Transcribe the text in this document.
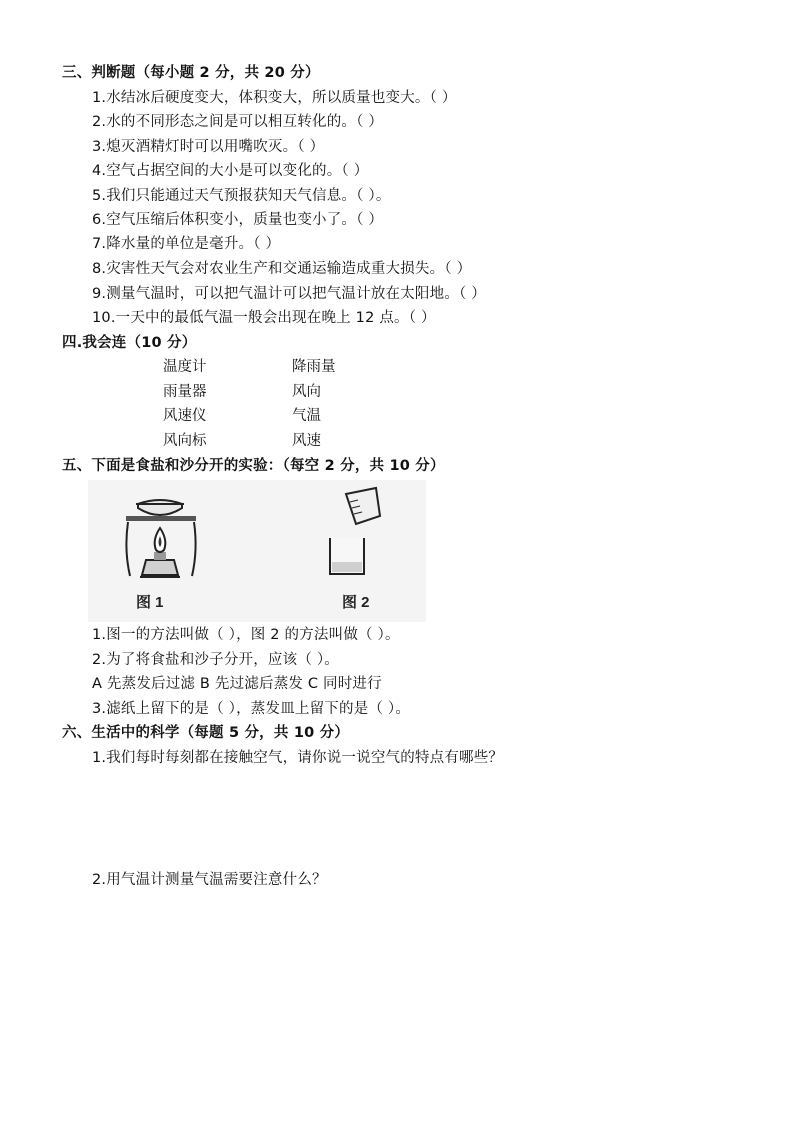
三、判断题（每小题 2 分，共 20 分）
1.水结冰后硬度变大，体积变大，所以质量也变大。（ ）
2.水的不同形态之间是可以相互转化的。（ ）
3.熄灭酒精灯时可以用嘴吹灭。（ ）
4.空气占据空间的大小是可以变化的。（ ）
5.我们只能通过天气预报获知天气信息。（ ）。
6.空气压缩后体积变小，质量也变小了。（ ）
7.降水量的单位是毫升。（ ）
8.灾害性天气会对农业生产和交通运输造成重大损失。（ ）
9.测量气温时，可以把气温计可以把气温计放在太阳地。（ ）
10.一天中的最低气温一般会出现在晚上 12 点。（ ）
四.我会连（10 分）
温度计	降雨量
雨量器	风向
风速仪	气温
风向标	风速
五、下面是食盐和沙分开的实验：（每空 2 分，共 10 分）
图 1	图 2
1.图一的方法叫做（ ），图 2 的方法叫做（ ）。
2.为了将食盐和沙子分开，应该（ ）。
A 先蒸发后过滤 B 先过滤后蒸发 C 同时进行
3.滤纸上留下的是（ ），蒸发皿上留下的是（ ）。
六、生活中的科学（每题 5 分，共 10 分）
1.我们每时每刻都在接触空气，请你说一说空气的特点有哪些？
2.用气温计测量气温需要注意什么？
